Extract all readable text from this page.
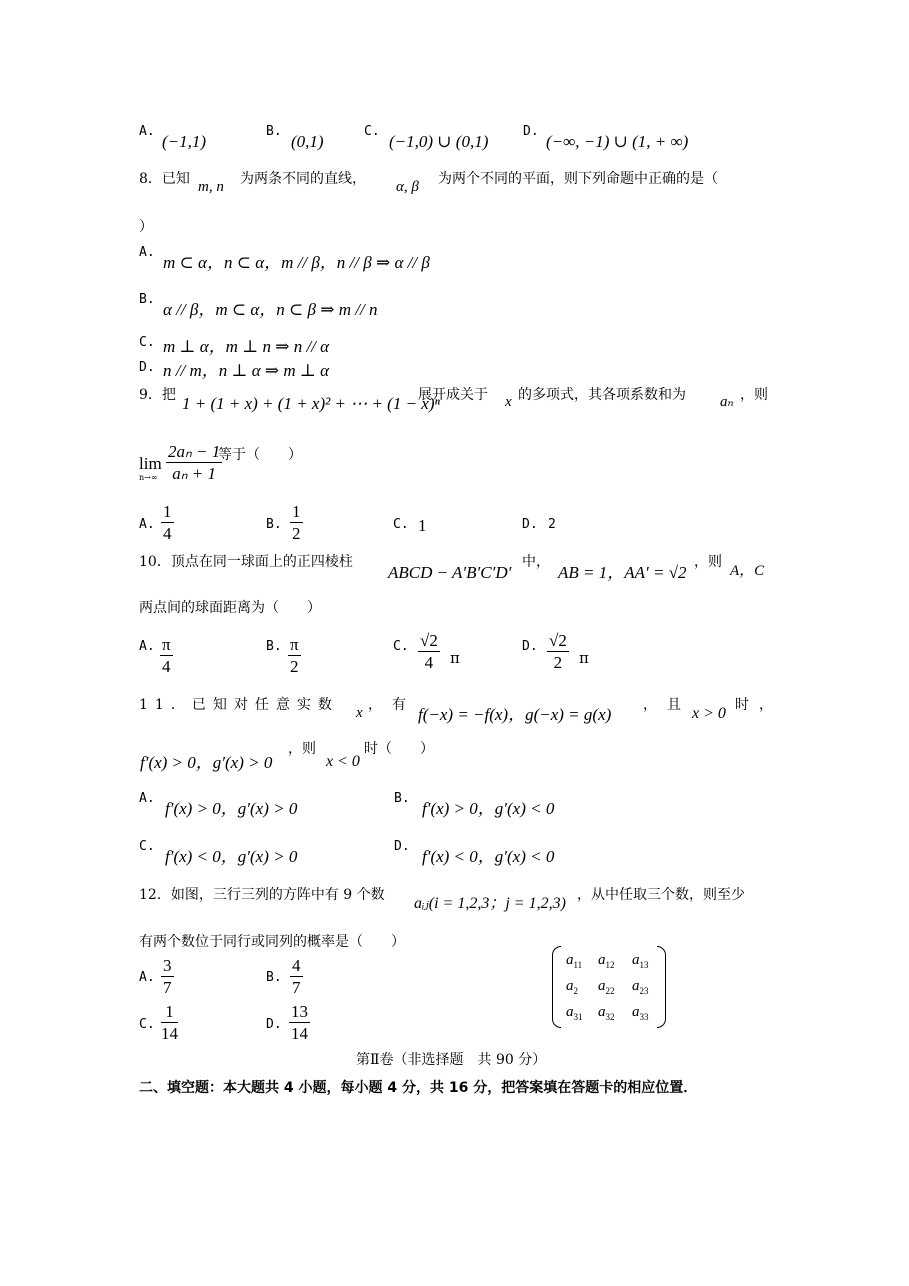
A.
(−1,1)
B.
(0,1)
C.
(−1,0) ∪ (0,1)
D.
(−∞, −1) ∪ (1, + ∞)
8．已知 m, n 为两条不同的直线， α, β 为两个不同的平面，则下列命题中正确的是（
）
A.
m ⊂ α，n ⊂ α，m // β，n // β ⇒ α // β
B.
α // β，m ⊂ α，n ⊂ β ⇒ m // n
C. m ⊥ α，m ⊥ n ⇒ n // α
D. n // m，n ⊥ α ⇒ m ⊥ α
9．把 1 + (1 + x) + (1 + x)² + ⋯ + (1 − x)ⁿ
展开成关于 x 的多项式，其各项系数和为 aₙ ，则
lim
n→∞
2aₙ − 1
aₙ + 1
等于（　　）
A.
1
4	B.
1
2	C. 1	D. 2
10．顶点在同一球面上的正四棱柱
ABCD − A′B′C′D′
中，
AB = 1，AA′ = √2
，则
A，C
两点间的球面距离为（　　）
A. π
4
B. π
2
C. √2
4 π
D. √2
2 π
11．已知对任意实数 x ，有 f(−x) = −f(x)，g(−x) = g(x) ，且 x > 0 时，
f′(x) > 0，g′(x) > 0
，则
x < 0
时（　　）
A.
f′(x) > 0，g′(x) > 0
B.
f′(x) > 0，g′(x) < 0
C.
f′(x) < 0，g′(x) > 0
D.
f′(x) < 0，g′(x) < 0
12．如图，三行三列的方阵中有 9 个数 aᵢⱼ(i = 1,2,3；j = 1,2,3) ，从中任取三个数，则至少
有两个数位于同行或同列的概率是（　　）
A.
3
7
B.
4
7
C.
1
14	D.
13
14
$a_{11}$ $a_{12}$ $a_{13}$
$a_2$ $a_{22}$ $a_{23}$
$a_{31}$ $a_{32}$ $a_{33}$
第Ⅱ卷（非选择题　共 90 分）
二、填空题：本大题共 4 小题，每小题 4 分，共 16 分，把答案填在答题卡的相应位置．
